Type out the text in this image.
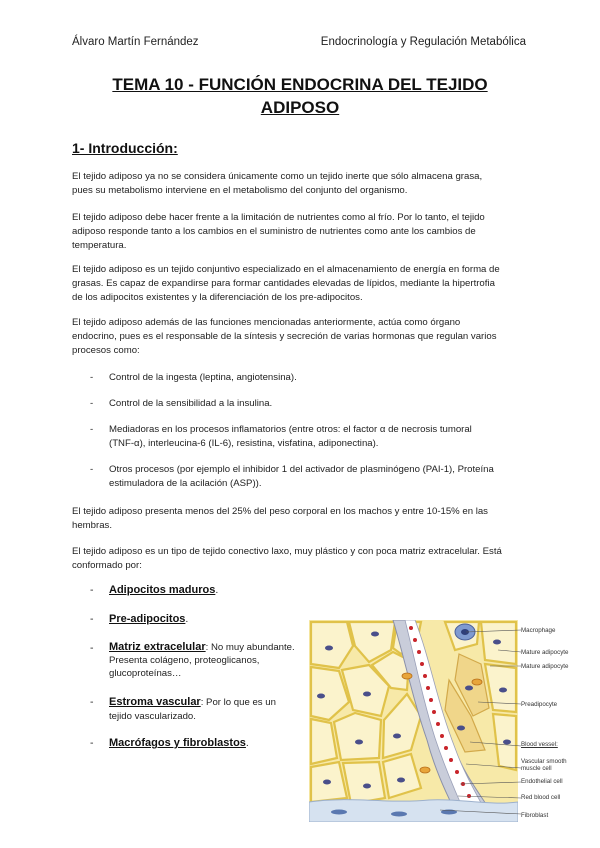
Álvaro Martín Fernández	Endocrinología y Regulación Metabólica
TEMA 10 - FUNCIÓN ENDOCRINA DEL TEJIDO
ADIPOSO
1- Introducción:
El tejido adiposo ya no se considera únicamente como un tejido inerte que sólo almacena grasa,
pues su metabolismo interviene en el metabolismo del conjunto del organismo.
El tejido adiposo debe hacer frente a la limitación de nutrientes como al frío. Por lo tanto, el tejido
adiposo responde tanto a los cambios en el suministro de nutrientes como ante los cambios de
temperatura.
El tejido adiposo es un tejido conjuntivo especializado en el almacenamiento de energía en forma de
grasas. Es capaz de expandirse para formar cantidades elevadas de lípidos, mediante la hipertrofia
de los adipocitos existentes y la diferenciación de los pre-adipocitos.
El tejido adiposo además de las funciones mencionadas anteriormente, actúa como órgano
endocrino, pues es el responsable de la síntesis y secreción de varias hormonas que regulan varios
procesos como:
- Control de la ingesta (leptina, angiotensina).
- Control de la sensibilidad a la insulina.
- Mediadoras en los procesos inflamatorios (entre otros: el factor α de necrosis tumoral
(TNF-α), interleucina-6 (IL-6), resistina, visfatina, adiponectina).
- Otros procesos (por ejemplo el inhibidor 1 del activador de plasminógeno (PAI-1), Proteína
estimuladora de la acilación (ASP)).
El tejido adiposo presenta menos del 25% del peso corporal en los machos y entre 10-15% en las
hembras.
El tejido adiposo es un tipo de tejido conectivo laxo, muy plástico y con poca matriz extracelular. Está
conformado por:
- Adipocitos maduros.
- Pre-adipocitos.
- Matriz extracelular: No muy abundante.
Presenta colágeno, proteoglicanos,
glucoproteínas…
- Estroma vascular: Por lo que es un
tejido vascularizado.
- Macrófagos y fibroblastos.
Macrophage
Mature adipocyte
Mature adipocyte
Preadipocyte
Blood vessel:
Vascular smooth
muscle cell
Endothelial cell
Red blood cell
Fibroblast
